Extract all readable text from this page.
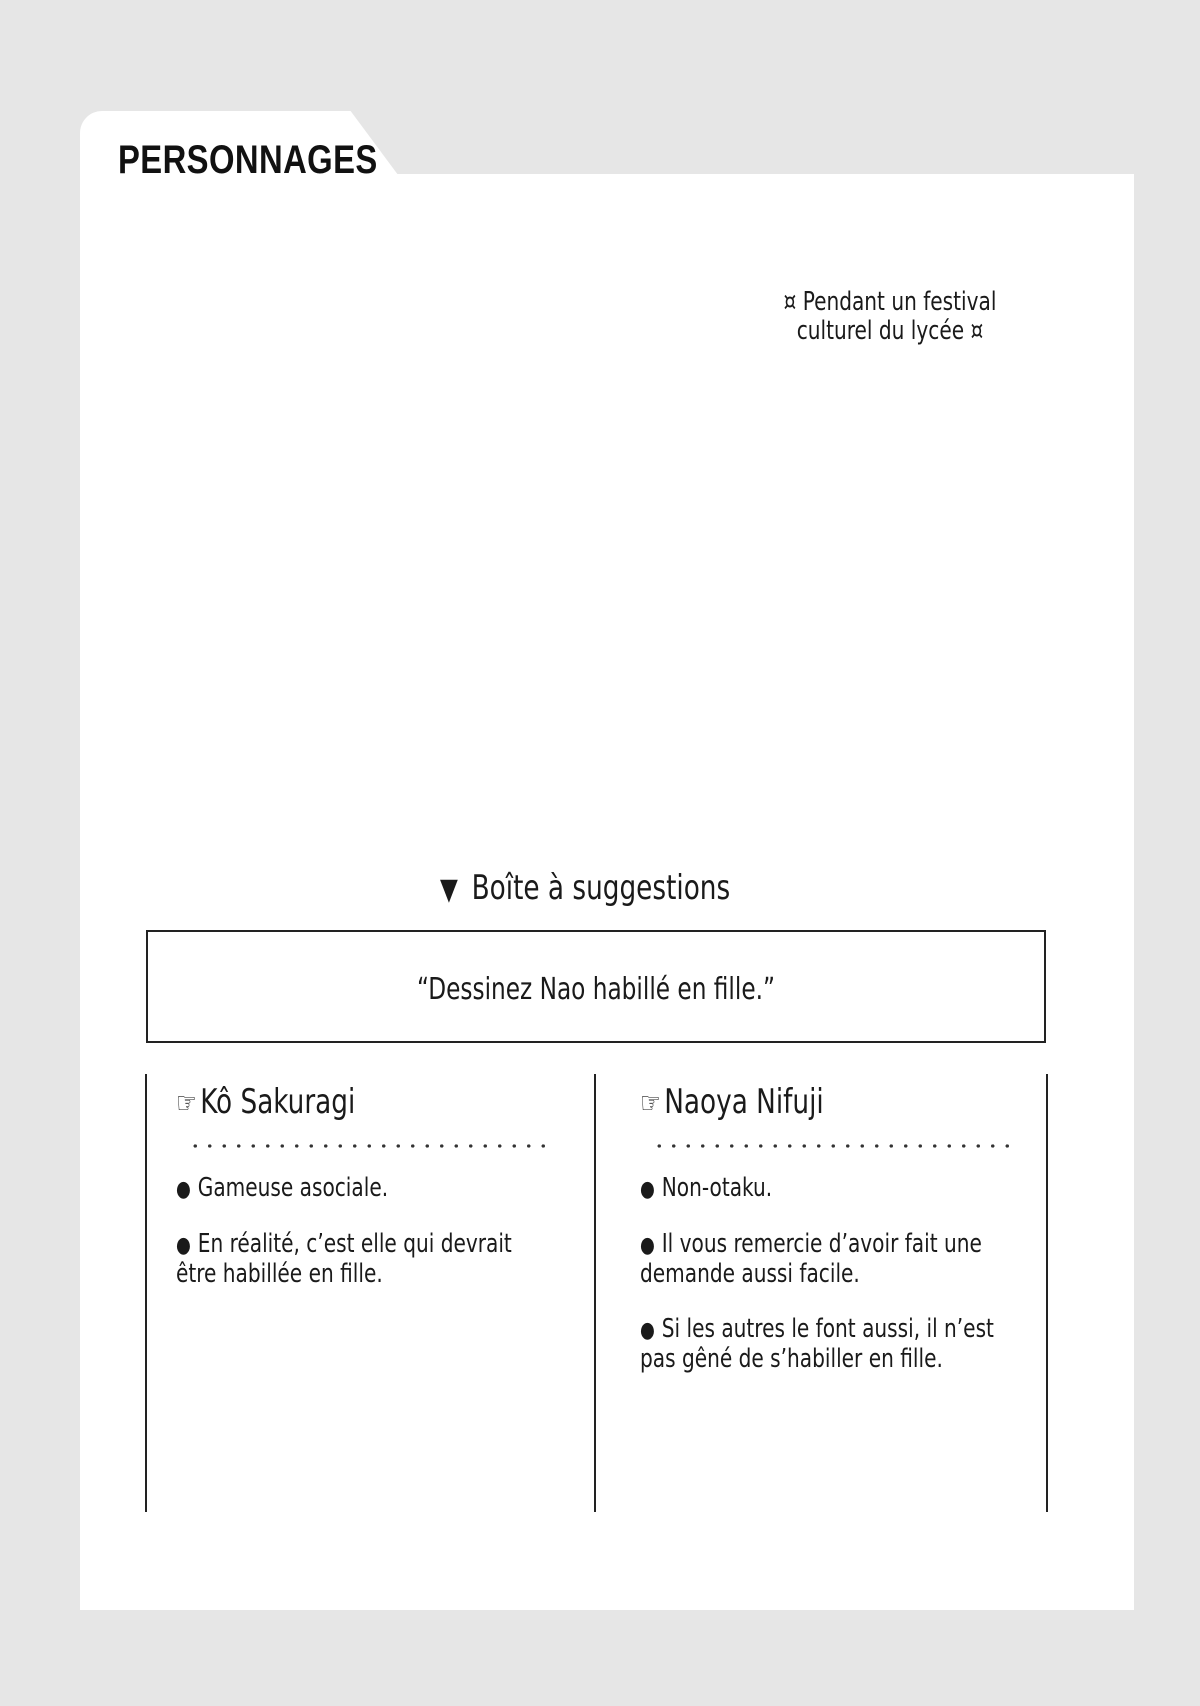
PERSONNAGES
¤ Pendant un festival culturel du lycée ¤
▼ Boîte à suggestions
“Dessinez Nao habillé en fille.”
☞ Kô Sakuragi
● Gameuse asociale.
● En réalité, c’est elle qui devrait être habillée en fille.
☞ Naoya Nifuji
● Non-otaku.
● Il vous remercie d’avoir fait une demande aussi facile.
● Si les autres le font aussi, il n’est pas gêné de s’habiller en fille.
